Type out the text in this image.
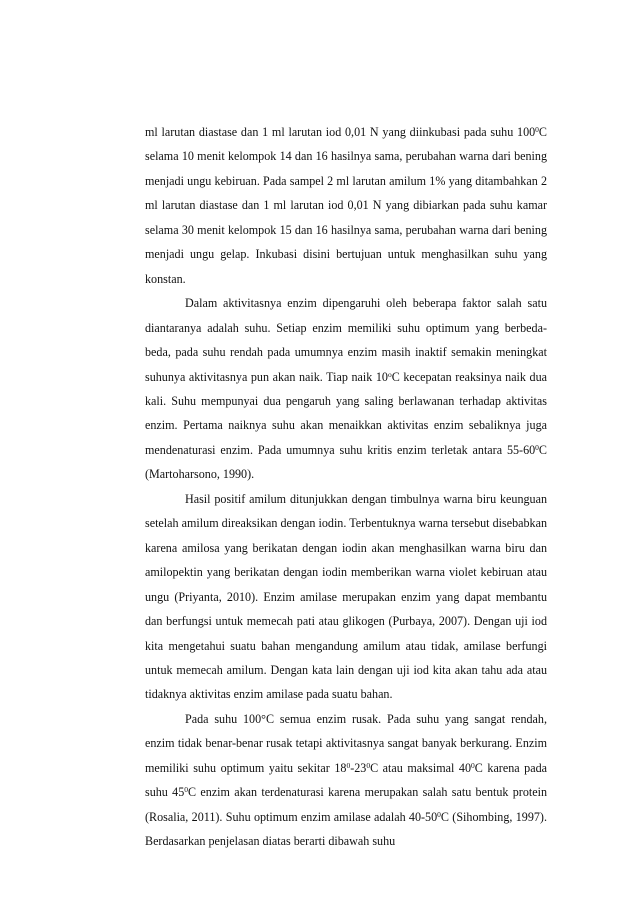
ml larutan diastase dan 1 ml larutan iod 0,01 N yang diinkubasi pada suhu $100^0C$ selama 10 menit kelompok 14 dan 16 hasilnya sama, perubahan warna dari bening menjadi ungu kebiruan. Pada sampel 2 ml larutan amilum 1% yang ditambahkan 2 ml larutan diastase dan 1 ml larutan iod 0,01 N yang dibiarkan pada suhu kamar selama 30 menit kelompok 15 dan 16 hasilnya sama, perubahan warna dari bening menjadi ungu gelap. Inkubasi disini bertujuan untuk menghasilkan suhu yang konstan.

Dalam aktivitasnya enzim dipengaruhi oleh beberapa faktor salah satu diantaranya adalah suhu. Setiap enzim memiliki suhu optimum yang berbeda-beda, pada suhu rendah pada umumnya enzim masih inaktif semakin meningkat suhunya aktivitasnya pun akan naik. Tiap naik 10$^o$C kecepatan reaksinya naik dua kali. Suhu mempunyai dua pengaruh yang saling berlawanan terhadap aktivitas enzim. Pertama naiknya suhu akan menaikkan aktivitas enzim sebaliknya juga mendenaturasi enzim. Pada umumnya suhu kritis enzim terletak antara $55-60^0C$ (Martoharsono, 1990).

Hasil positif amilum ditunjukkan dengan timbulnya warna biru keunguan setelah amilum direaksikan dengan iodin. Terbentuknya warna tersebut disebabkan karena amilosa yang berikatan dengan iodin akan menghasilkan warna biru dan amilopektin yang berikatan dengan iodin memberikan warna violet kebiruan atau ungu (Priyanta, 2010). Enzim amilase merupakan enzim yang dapat membantu dan berfungsi untuk memecah pati atau glikogen (Purbaya, 2007). Dengan uji iod kita mengetahui suatu bahan mengandung amilum atau tidak, amilase berfungi untuk memecah amilum. Dengan kata lain dengan uji iod kita akan tahu ada atau tidaknya aktivitas enzim amilase pada suatu bahan.

Pada suhu 100°C semua enzim rusak. Pada suhu yang sangat rendah, enzim tidak benar-benar rusak tetapi aktivitasnya sangat banyak berkurang. Enzim memiliki suhu optimum yaitu sekitar $18^0-23^0C$ atau maksimal $40^0C$ karena pada suhu $45^0C$ enzim akan terdenaturasi karena merupakan salah satu bentuk protein (Rosalia, 2011). Suhu optimum enzim amilase adalah $40-50^0C$ (Sihombing, 1997). Berdasarkan penjelasan diatas berarti dibawah suhu
